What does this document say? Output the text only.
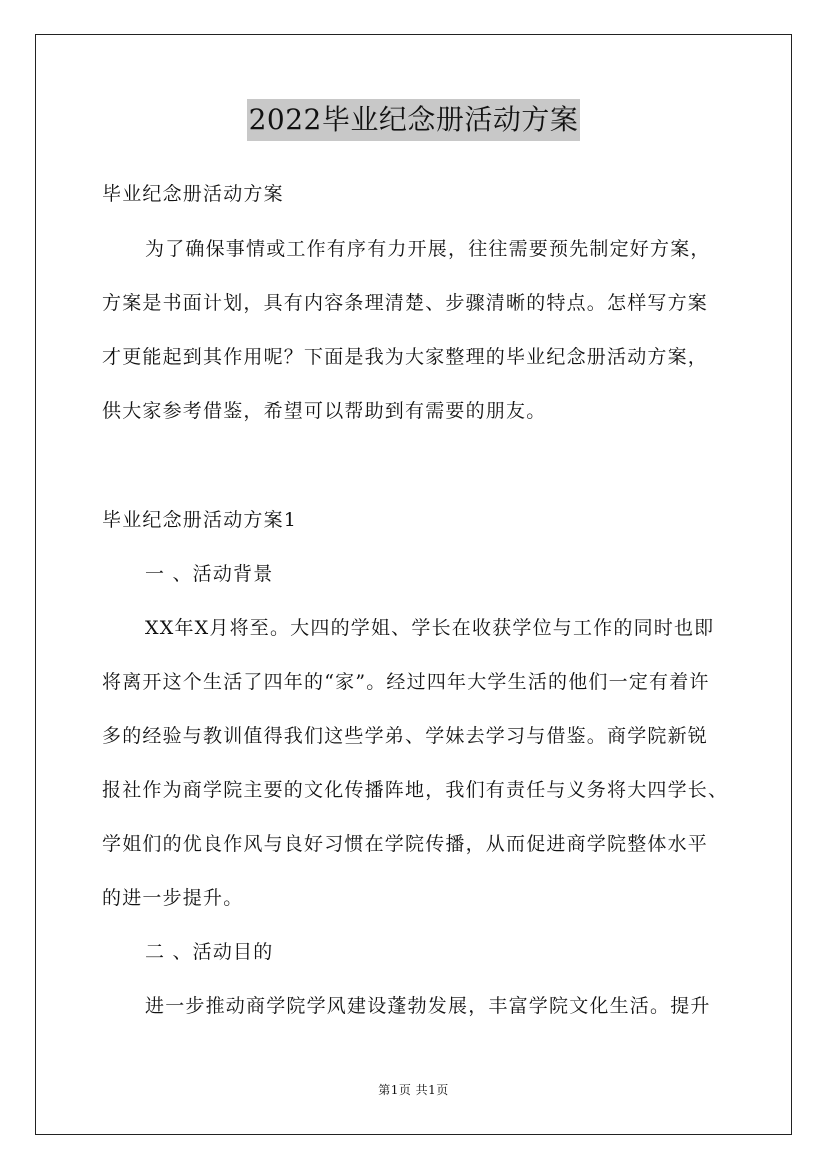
2022毕业纪念册活动方案
毕业纪念册活动方案
为了确保事情或工作有序有力开展，往往需要预先制定好方案，
方案是书面计划，具有内容条理清楚、步骤清晰的特点。怎样写方案
才更能起到其作用呢？下面是我为大家整理的毕业纪念册活动方案，
供大家参考借鉴，希望可以帮助到有需要的朋友。
毕业纪念册活动方案1
一 、活动背景
XX年X月将至。大四的学姐、学长在收获学位与工作的同时也即
将离开这个生活了四年的“家”。经过四年大学生活的他们一定有着许
多的经验与教训值得我们这些学弟、学妹去学习与借鉴。商学院新锐
报社作为商学院主要的文化传播阵地，我们有责任与义务将大四学长、
学姐们的优良作风与良好习惯在学院传播，从而促进商学院整体水平
的进一步提升。
二 、活动目的
进一步推动商学院学风建设蓬勃发展，丰富学院文化生活。提升
第1页 共1页
